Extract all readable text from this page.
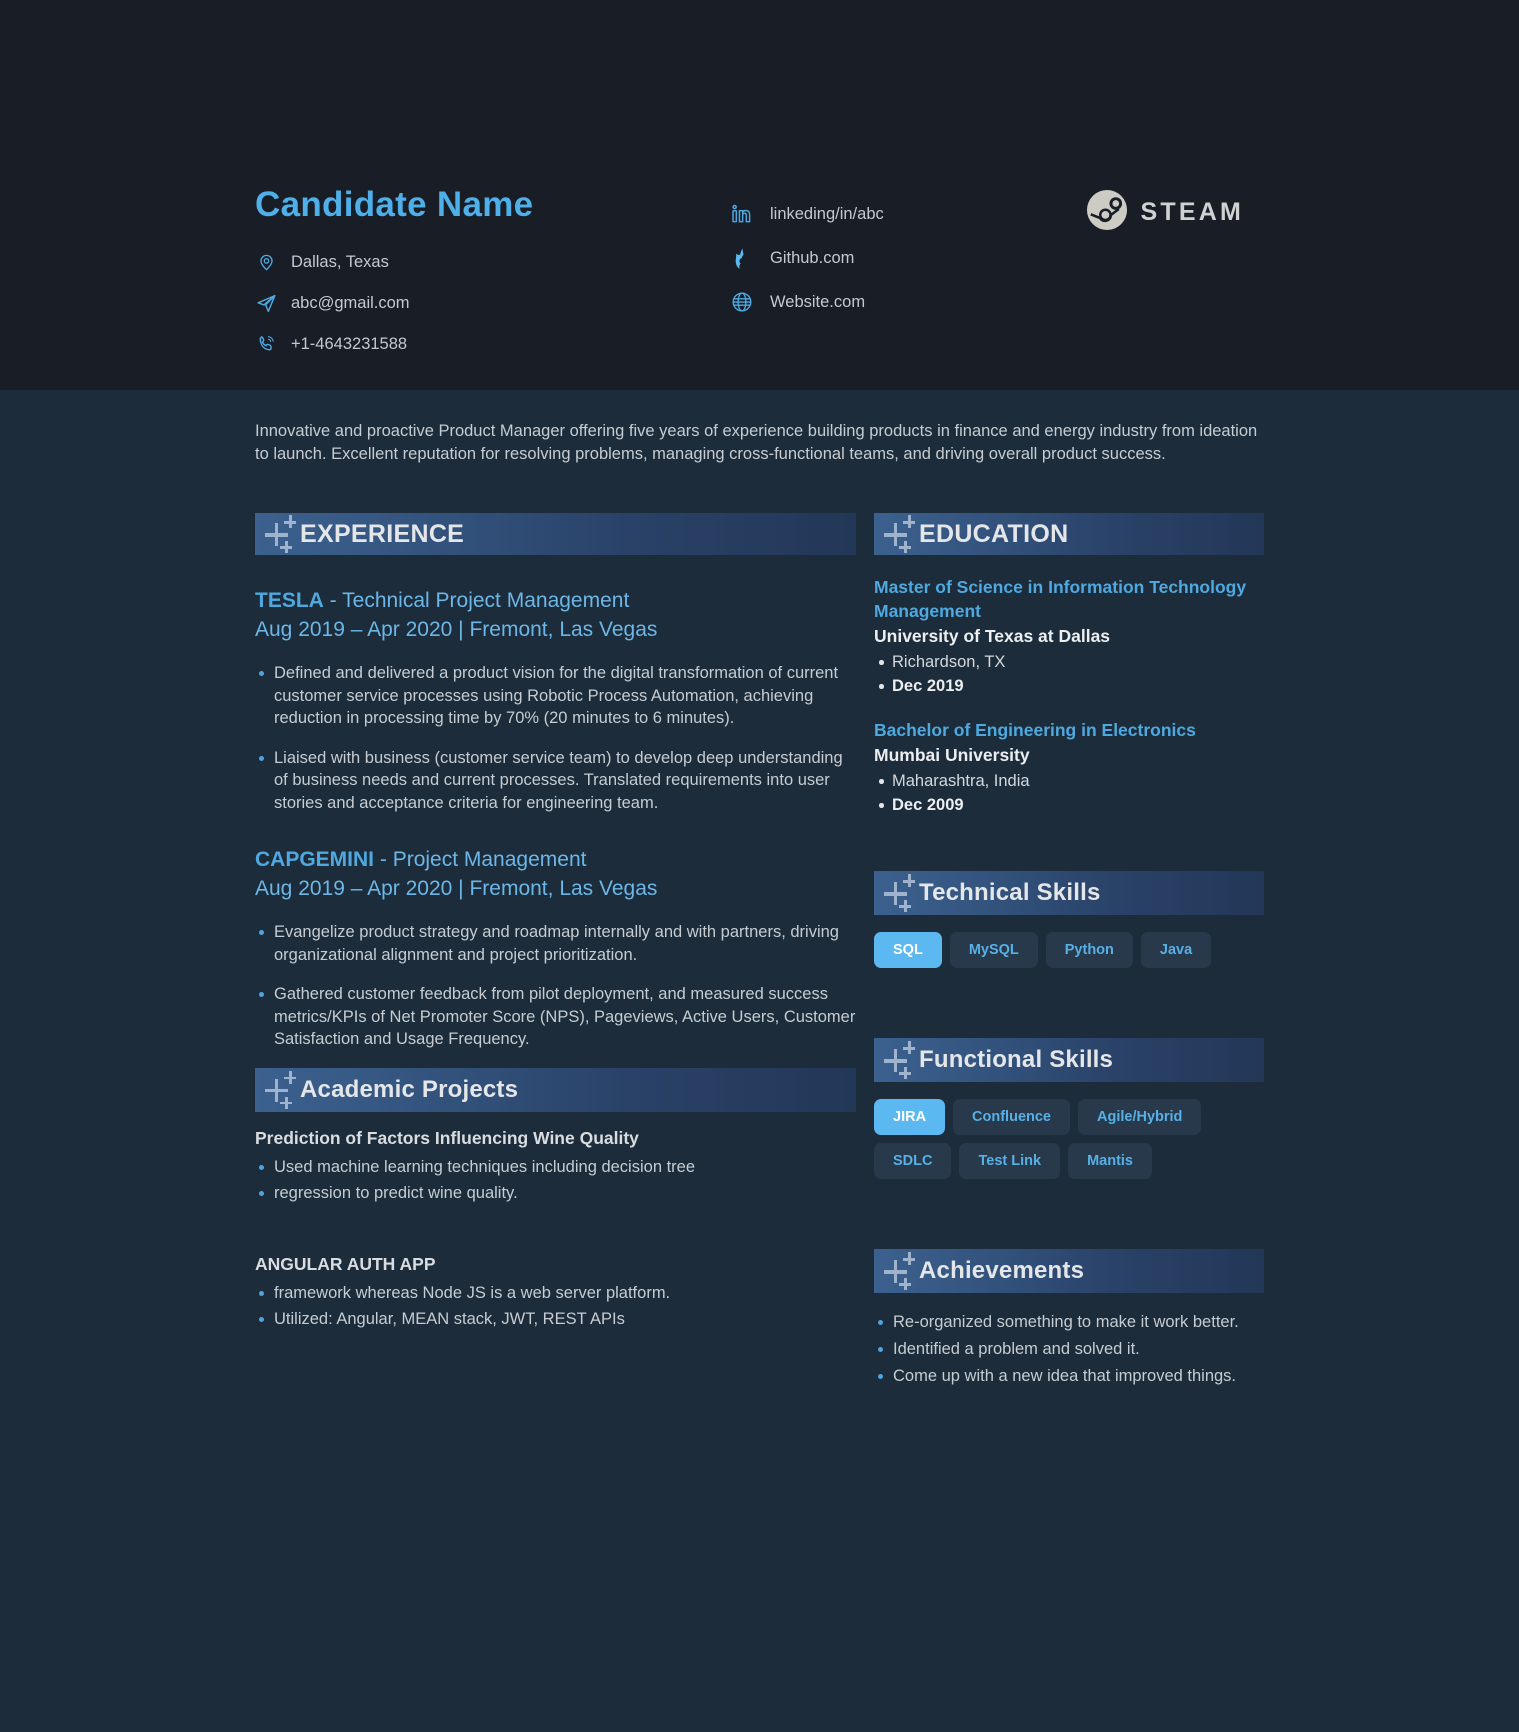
Candidate Name
Dallas, Texas
abc@gmail.com
+1-4643231588
linkeding/in/abc
Github.com
Website.com
STEAM
Innovative and proactive Product Manager offering five years of experience building products in finance and energy industry from ideation to launch. Excellent reputation for resolving problems, managing cross-functional teams, and driving overall product success.
EXPERIENCE
TESLA - Technical Project Management
Aug 2019 – Apr 2020 | Fremont, Las Vegas
Defined and delivered a product vision for the digital transformation of current customer service processes using Robotic Process Automation, achieving reduction in processing time by 70% (20 minutes to 6 minutes).
Liaised with business (customer service team) to develop deep understanding of business needs and current processes. Translated requirements into user stories and acceptance criteria for engineering team.
CAPGEMINI - Project Management
Aug 2019 – Apr 2020 | Fremont, Las Vegas
Evangelize product strategy and roadmap internally and with partners, driving organizational alignment and project prioritization.
Gathered customer feedback from pilot deployment, and measured success metrics/KPIs of Net Promoter Score (NPS), Pageviews, Active Users, Customer Satisfaction and Usage Frequency.
Academic Projects
Prediction of Factors Influencing Wine Quality
Used machine learning techniques including decision tree
regression to predict wine quality.
ANGULAR AUTH APP
framework whereas Node JS is a web server platform.
Utilized: Angular, MEAN stack, JWT, REST APIs
EDUCATION
Master of Science in Information Technology Management
University of Texas at Dallas
Richardson, TX
Dec 2019
Bachelor of Engineering in Electronics
Mumbai University
Maharashtra, India
Dec 2009
Technical Skills
SQL	MySQL	Python	Java
Functional Skills
JIRA	Confluence	Agile/Hybrid
SDLC	Test Link	Mantis
Achievements
Re-organized something to make it work better.
Identified a problem and solved it.
Come up with a new idea that improved things.
